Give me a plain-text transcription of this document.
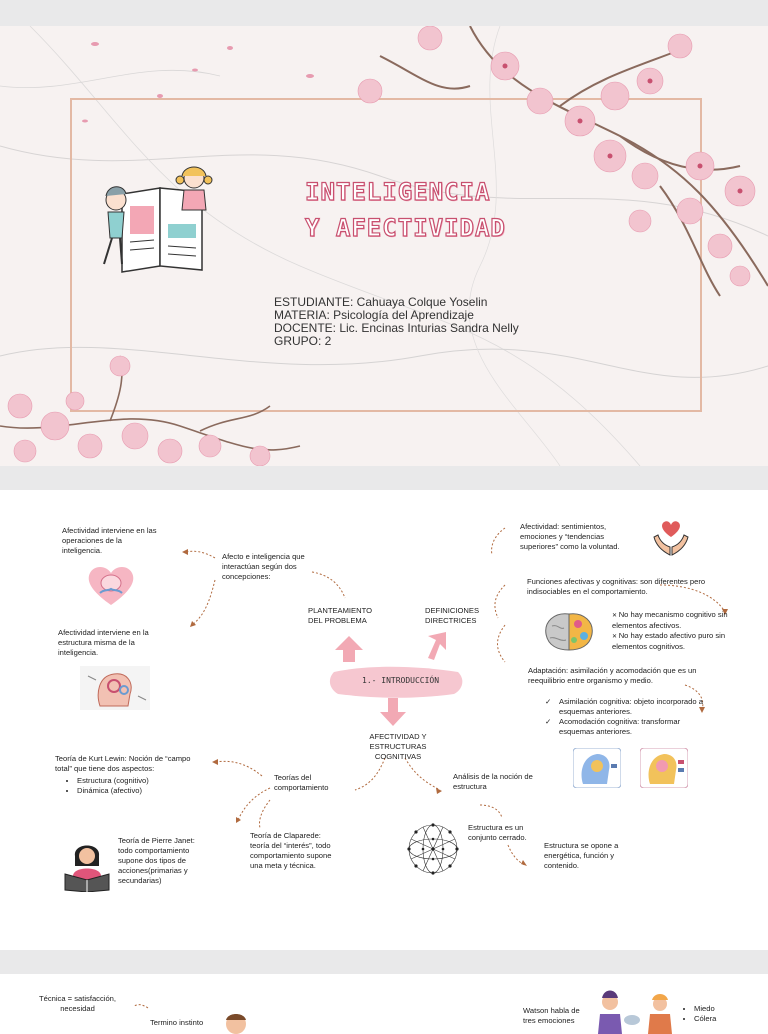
INTELIGENCIA
Y AFECTIVIDAD
ESTUDIANTE: Cahuaya Colque Yoselin
MATERIA: Psicología del Aprendizaje
DOCENTE: Lic. Encinas Inturias Sandra Nelly
GRUPO: 2
1.- INTRODUCCIÓN
PLANTEAMIENTO DEL PROBLEMA
DEFINICIONES DIRECTRICES
AFECTIVIDAD Y ESTRUCTURAS COGNITIVAS
Afecto e inteligencia que interactúan según dos concepciones:
Afectividad interviene en las operaciones de la inteligencia.
Afectividad interviene en la estructura misma de la inteligencia.
Afectividad: sentimientos, emociones y “tendencias superiores” como la voluntad.
Funciones afectivas y cognitivas: son diferentes pero indisociables en el comportamiento.
✕ No hay mecanismo cognitivo sin elementos afectivos.
✕ No hay estado afectivo puro sin elementos cognitivos.
Adaptación: asimilación y acomodación que es un reequilibrio entre organismo y medio.
✓ Asimilación cognitiva: objeto incorporado a esquemas anteriores.
✓ Acomodación cognitiva: transformar esquemas anteriores.
Teoría de Kurt Lewin: Noción de “campo total” que tiene dos aspectos:
• Estructura (cognitivo)
• Dinámica (afectivo)
Teorías del comportamiento
Teoría de Pierre Janet: todo comportamiento supone dos tipos de acciones(primarias y secundarias)
Teoría de Claparede: teoría del “interés”, todo comportamiento supone una meta y técnica.
Análisis de la noción de estructura
Estructura es un conjunto cerrado.
Estructura se opone a energética, función y contenido.
Técnica = satisfacción, necesidad
Termino instinto
Watson habla de tres emociones
• Miedo
• Cólera
